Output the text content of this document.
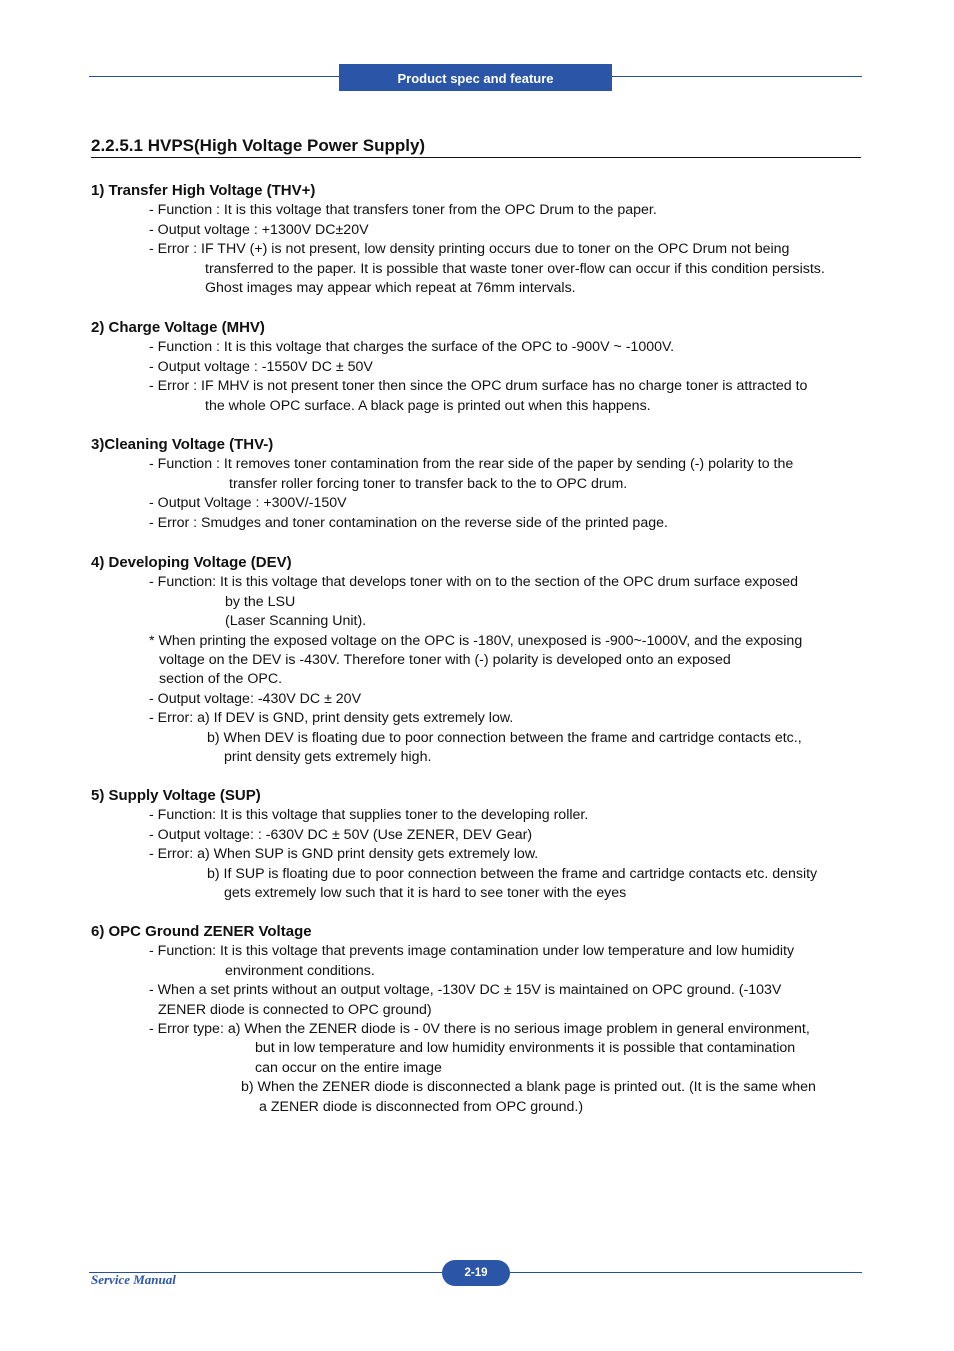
Product spec and feature
2.2.5.1 HVPS(High Voltage Power Supply)
1) Transfer High Voltage (THV+)
- Function : It is this voltage that transfers toner from the OPC Drum to the paper.
- Output voltage : +1300V DC±20V
- Error : IF THV (+) is not present, low density printing occurs due to toner on the OPC Drum not being
transferred to the paper. It is possible that waste toner over-flow can occur if this condition persists.
Ghost images may appear which repeat at 76mm intervals.
2) Charge Voltage (MHV)
- Function : It is this voltage that charges the surface of the OPC to -900V ~ -1000V.
- Output voltage : -1550V DC ± 50V
- Error : IF MHV is not present toner then since the OPC drum surface has no charge toner is attracted to
the whole OPC surface. A black page is printed out when this happens.
3)Cleaning Voltage (THV-)
- Function : It removes toner contamination from the rear side of the paper by sending (-) polarity to the
transfer roller forcing toner to transfer back to the to OPC drum.
- Output Voltage : +300V/-150V
- Error : Smudges and toner contamination on the reverse side of the printed page.
4) Developing Voltage (DEV)
- Function: It is this voltage that develops toner with on to the section of the OPC drum surface exposed
by the LSU
(Laser Scanning Unit).
* When printing the exposed voltage on the OPC is -180V, unexposed is -900~-1000V, and the exposing
voltage on the DEV is -430V. Therefore toner with (-) polarity is developed onto an exposed
section of the OPC.
- Output voltage: -430V DC ± 20V
- Error: a) If DEV is GND, print density gets extremely low.
b) When DEV is floating due to poor connection between the frame and cartridge contacts etc.,
print density gets extremely high.
5) Supply Voltage (SUP)
- Function: It is this voltage that supplies toner to the developing roller.
- Output voltage: : -630V DC ± 50V (Use ZENER, DEV Gear)
- Error: a) When SUP is GND print density gets extremely low.
b) If SUP is floating due to poor connection between the frame and cartridge contacts etc. density
gets extremely low such that it is hard to see toner with the eyes
6) OPC Ground ZENER Voltage
- Function: It is this voltage that prevents image contamination under low temperature and low humidity
environment conditions.
- When a set prints without an output voltage, -130V DC ± 15V is maintained on OPC ground. (-103V
ZENER diode is connected to OPC ground)
- Error type: a) When the ZENER diode is - 0V there is no serious image problem in general environment,
but in low temperature and low humidity environments it is possible that contamination
can occur on the entire image
b) When the ZENER diode is disconnected a blank page is printed out. (It is the same when
a ZENER diode is disconnected from OPC ground.)
Service Manual	2-19
